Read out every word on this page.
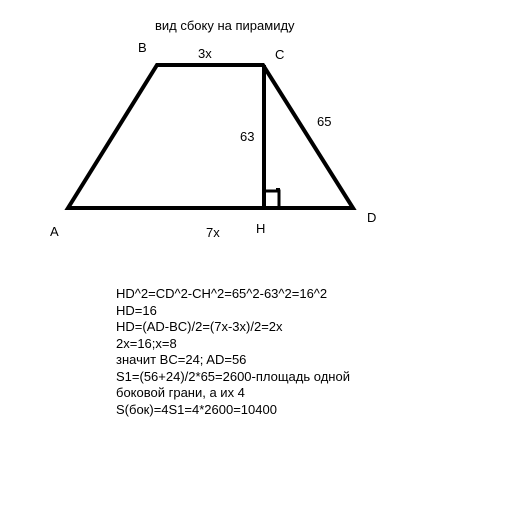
вид сбоку на пирамиду
B	C
A	H
D
3x
63
65
7x
HD^2=CD^2-CH^2=65^2-63^2=16^2
HD=16
HD=(AD-BC)/2=(7x-3x)/2=2x
2x=16;x=8
значит BC=24; AD=56
S1=(56+24)/2*65=2600-площадь одной
боковой грани, а их 4
S(бок)=4S1=4*2600=10400
